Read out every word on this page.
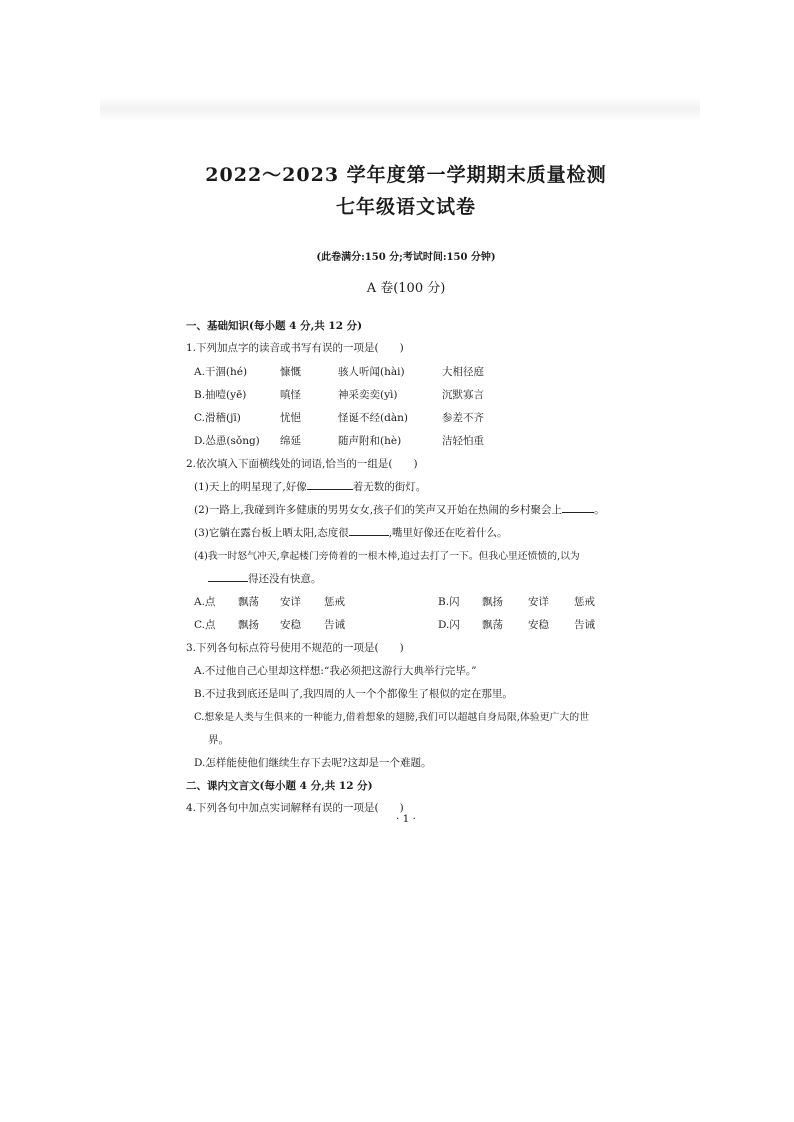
2022～2023 学年度第一学期期末质量检测
七年级语文试卷
(此卷满分:150 分;考试时间:150 分钟)
A 卷(100 分)
一、基础知识(每小题 4 分,共 12 分)
1.下列加点字的读音或书写有误的一项是(　　)
A.干涸(hé)	慷慨	骇人听闻(hài)	大相径庭
B.抽噎(yē)	嗔怪	神采奕奕(yì)	沉默寡言
C.滑稽(jī)	忧悒	怪诞不经(dàn)	参差不齐
D.怂恿(sǒng) 绵延	随声附和(hè)	洁轻怕重
2.依次填入下面横线处的词语,恰当的一组是(　　)
(1)天上的明星现了,好像	着无数的街灯。
(2)一路上,我碰到许多健康的男男女女,孩子们的笑声又开始在热闹的乡村聚会上	。
(3)它躺在露台板上晒太阳,态度很	,嘴里好像还在吃着什么。
(4)我一时怒气冲天,拿起楼门旁倚着的一根木棒,追过去打了一下。但我心里还愤愤的,以为
得还没有快意。
A.点 飘荡 安详 惩戒	B.闪 飘扬 安详 惩戒
C.点 飘扬 安稳 告诫	D.闪 飘荡 安稳 告诫
3.下列各句标点符号使用不规范的一项是(　　)
A.不过他自己心里却这样想:“我必须把这游行大典举行完毕。”
B.不过我到底还是叫了,我四周的人一个个都像生了根似的定在那里。
C.想象是人类与生俱来的一种能力,借着想象的翅膀,我们可以超越自身局限,体验更广大的世
界。
D.怎样能使他们继续生存下去呢?这却是一个难题。
二、课内文言文(每小题 4 分,共 12 分)
4.下列各句中加点实词解释有误的一项是(　　)
· 1 ·
